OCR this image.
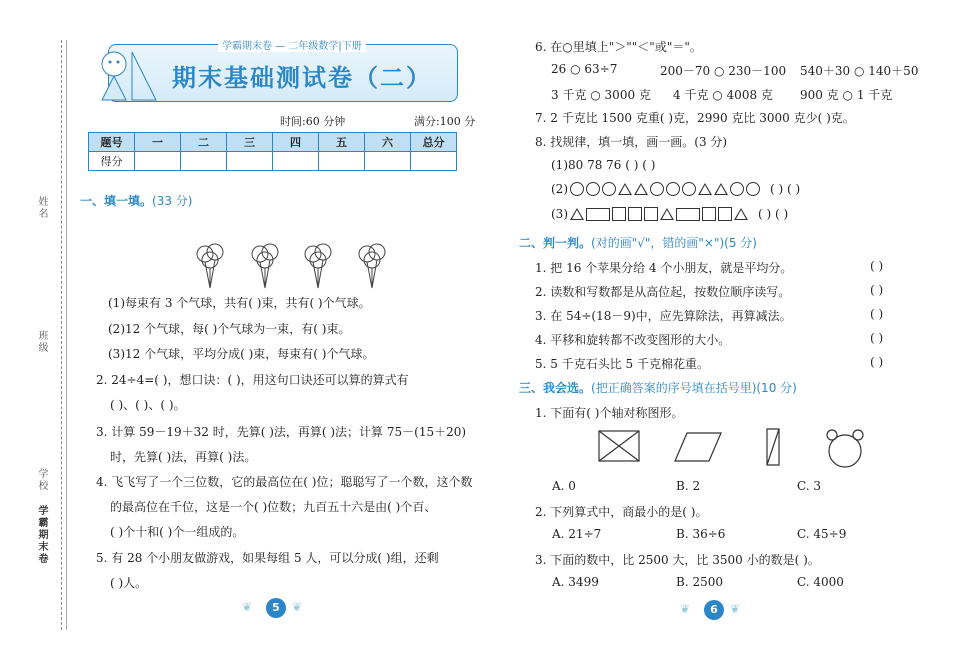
姓名
班级
学校
学霸期末卷
学霸期末卷 — 二年级数学|下册
期末基础测试卷（二）
时间:60 分钟	满分:100 分
题号	一	二	三	四	五	六	总分
得分							
一、填一填。(33 分)
(1)每束有 3 个气球，共有( )束，共有( )个气球。
(2)12 个气球，每( )个气球为一束，有( )束。
(3)12 个气球，平均分成( )束，每束有( )个气球。
2. 24÷4=( )，想口诀：( )，用这句口诀还可以算的算式有
( )、( )、( )。
3. 计算 59－19＋32 时，先算( )法，再算( )法；计算 75－(15＋20)
时，先算( )法，再算( )法。
4. 飞飞写了一个三位数，它的最高位在( )位；聪聪写了一个数，这个数
的最高位在千位，这是一个( )位数；九百五十六是由( )个百、
( )个十和( )个一组成的。
5. 有 28 个小朋友做游戏，如果每组 5 人，可以分成( )组，还剩
( )人。
❦	5	❦
6. 在○里填上"＞""＜"或"＝"。
26 ○ 63÷7	200－70 ○ 230－100 540＋30 ○ 140＋50
3 千克 ○ 3000 克 4 千克 ○ 4008 克 900 克 ○ 1 千克
7. 2 千克比 1500 克重( )克，2990 克比 3000 克少( )克。
8. 找规律，填一填，画一画。(3 分)
(1)80 78 76 ( ) ( )
(2)	( ) ( )
(3)	( ) ( )
二、判一判。(对的画"√"，错的画"×")(5 分)
1. 把 16 个苹果分给 4 个小朋友，就是平均分。	( )
2. 读数和写数都是从高位起，按数位顺序读写。	( )
3. 在 54÷(18－9)中，应先算除法，再算减法。	( )
4. 平移和旋转都不改变图形的大小。	( )
5. 5 千克石头比 5 千克棉花重。	( )
三、我会选。(把正确答案的序号填在括号里)(10 分)
1. 下面有( )个轴对称图形。
A. 0	B. 2	C. 3
2. 下列算式中，商最小的是( )。
A. 21÷7	B. 36÷6	C. 45÷9
3. 下面的数中，比 2500 大，比 3500 小的数是( )。
A. 3499	B. 2500	C. 4000
❦	6	❦
